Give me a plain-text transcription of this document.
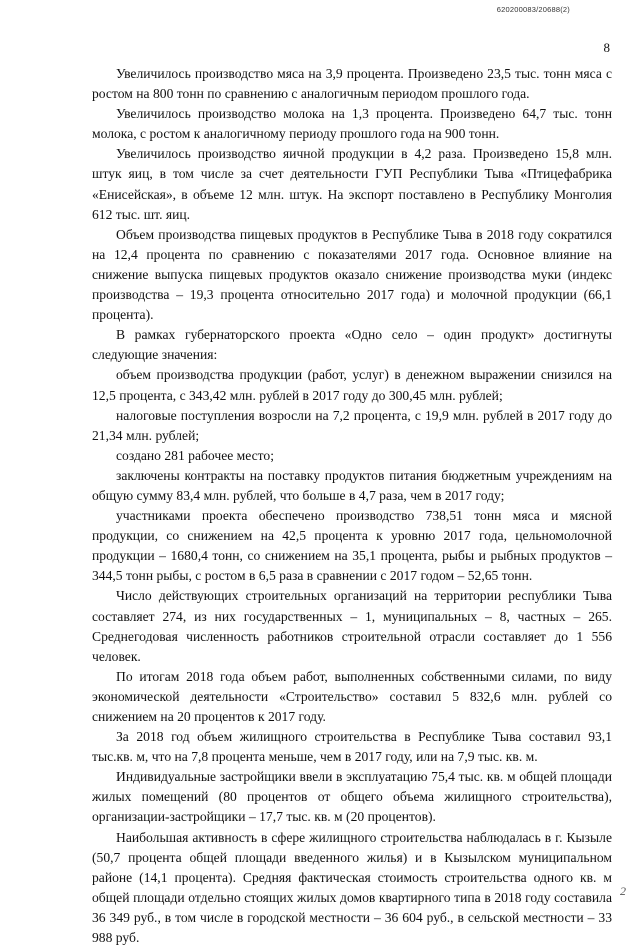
620200083/20688(2)
8

Увеличилось производство мяса на 3,9 процента. Произведено 23,5 тыс. тонн мяса с ростом на 800 тонн по сравнению с аналогичным периодом прошлого года.

Увеличилось производство молока на 1,3 процента. Произведено 64,7 тыс. тонн молока, с ростом к аналогичному периоду прошлого года на 900 тонн.

Увеличилось производство яичной продукции в 4,2 раза. Произведено 15,8 млн. штук яиц, в том числе за счет деятельности ГУП Республики Тыва «Птицефабрика «Енисейская», в объеме 12 млн. штук. На экспорт поставлено в Республику Монголия 612 тыс. шт. яиц.

Объем производства пищевых продуктов в Республике Тыва в 2018 году сократился на 12,4 процента по сравнению с показателями 2017 года. Основное влияние на снижение выпуска пищевых продуктов оказало снижение производства муки (индекс производства – 19,3 процента относительно 2017 года) и молочной продукции (66,1 процента).

В рамках губернаторского проекта «Одно село – один продукт» достигнуты следующие значения:

объем производства продукции (работ, услуг) в денежном выражении снизился на 12,5 процента, с 343,42 млн. рублей в 2017 году до 300,45 млн. рублей;

налоговые поступления возросли на 7,2 процента, с 19,9 млн. рублей в 2017 году до 21,34 млн. рублей;

создано 281 рабочее место;

заключены контракты на поставку продуктов питания бюджетным учреждениям на общую сумму 83,4 млн. рублей, что больше в 4,7 раза, чем в 2017 году;

участниками проекта обеспечено производство 738,51 тонн мяса и мясной продукции, со снижением на 42,5 процента к уровню 2017 года, цельномолочной продукции – 1680,4 тонн, со снижением на 35,1 процента, рыбы и рыбных продуктов – 344,5 тонн рыбы, с ростом в 6,5 раза в сравнении с 2017 годом – 52,65 тонн.

Число действующих строительных организаций на территории республики Тыва составляет 274, из них государственных – 1, муниципальных – 8, частных – 265. Среднегодовая численность работников строительной отрасли составляет до 1 556 человек.

По итогам 2018 года объем работ, выполненных собственными силами, по виду экономической деятельности «Строительство» составил 5 832,6 млн. рублей со снижением на 20 процентов к 2017 году.

За 2018 год объем жилищного строительства в Республике Тыва составил 93,1 тыс.кв. м, что на 7,8 процента меньше, чем в 2017 году, или на 7,9 тыс. кв. м.

Индивидуальные застройщики ввели в эксплуатацию 75,4 тыс. кв. м общей площади жилых помещений (80 процентов от общего объема жилищного строительства), организации-застройщики – 17,7 тыс. кв. м (20 процентов).

Наибольшая активность в сфере жилищного строительства наблюдалась в г. Кызыле (50,7 процента общей площади введенного жилья) и в Кызылском муниципальном районе (14,1 процента). Средняя фактическая стоимость строительства одного кв. м общей площади отдельно стоящих жилых домов квартирного типа в 2018 году составила 36 349 руб., в том числе в городской местности – 36 604 руб., в сельской местности – 33 988 руб.

2
